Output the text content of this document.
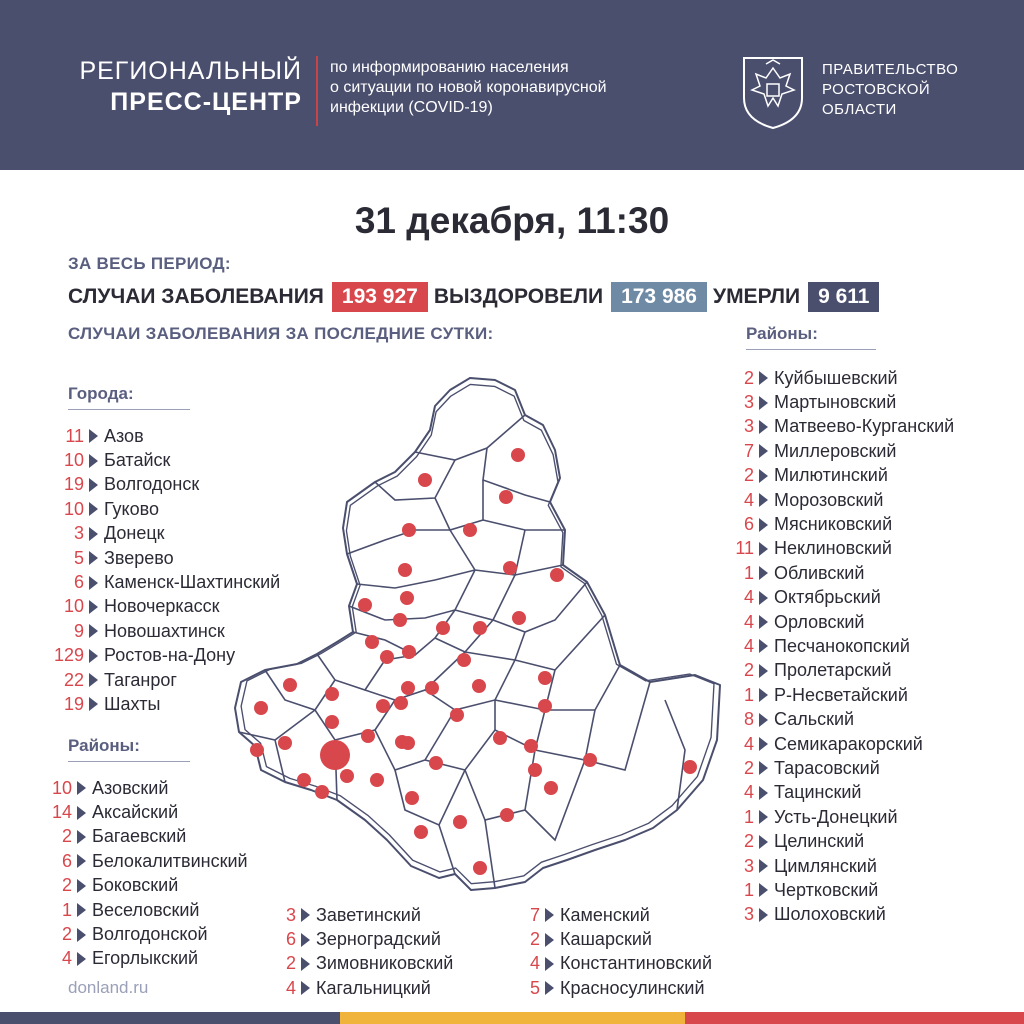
РЕГИОНАЛЬНЫЙ
ПРЕСС-ЦЕНТР
по информированию населения
о ситуации по новой коронавирусной
инфекции (COVID-19)
ПРАВИТЕЛЬСТВО
РОСТОВСКОЙ
ОБЛАСТИ
31 декабря, 11:30
ЗА ВЕСЬ ПЕРИОД:
СЛУЧАИ ЗАБОЛЕВАНИЯ 193 927 ВЫЗДОРОВЕЛИ 173 986 УМЕРЛИ 9 611
СЛУЧАИ ЗАБОЛЕВАНИЯ ЗА ПОСЛЕДНИЕ СУТКИ:
Города:
11 Азов
10 Батайск
19 Волгодонск
10 Гуково
3 Донецк
5 Зверево
6 Каменск-Шахтинский
10 Новочеркасск
9 Новошахтинск
129 Ростов-на-Дону
22 Таганрог
19 Шахты
Районы:
10 Азовский
14 Аксайский
2 Багаевский
6 Белокалитвинский
2 Боковский
1 Веселовский
2 Волгодонской
4 Егорлыкский
3 Заветинский
6 Зерноградский
2 Зимовниковский
4 Кагальницкий
7 Каменский
2 Кашарский
4 Константиновский
5 Красносулинский
Районы:
2 Куйбышевский
3 Мартыновский
3 Матвеево-Курганский
7 Миллеровский
2 Милютинский
4 Морозовский
6 Мясниковский
11 Неклиновский
1 Обливский
4 Октябрьский
4 Орловский
4 Песчанокопский
2 Пролетарский
1 Р-Несветайский
8 Сальский
4 Семикаракорский
2 Тарасовский
4 Тацинский
1 Усть-Донецкий
2 Целинский
3 Цимлянский
1 Чертковский
3 Шолоховский
donland.ru
